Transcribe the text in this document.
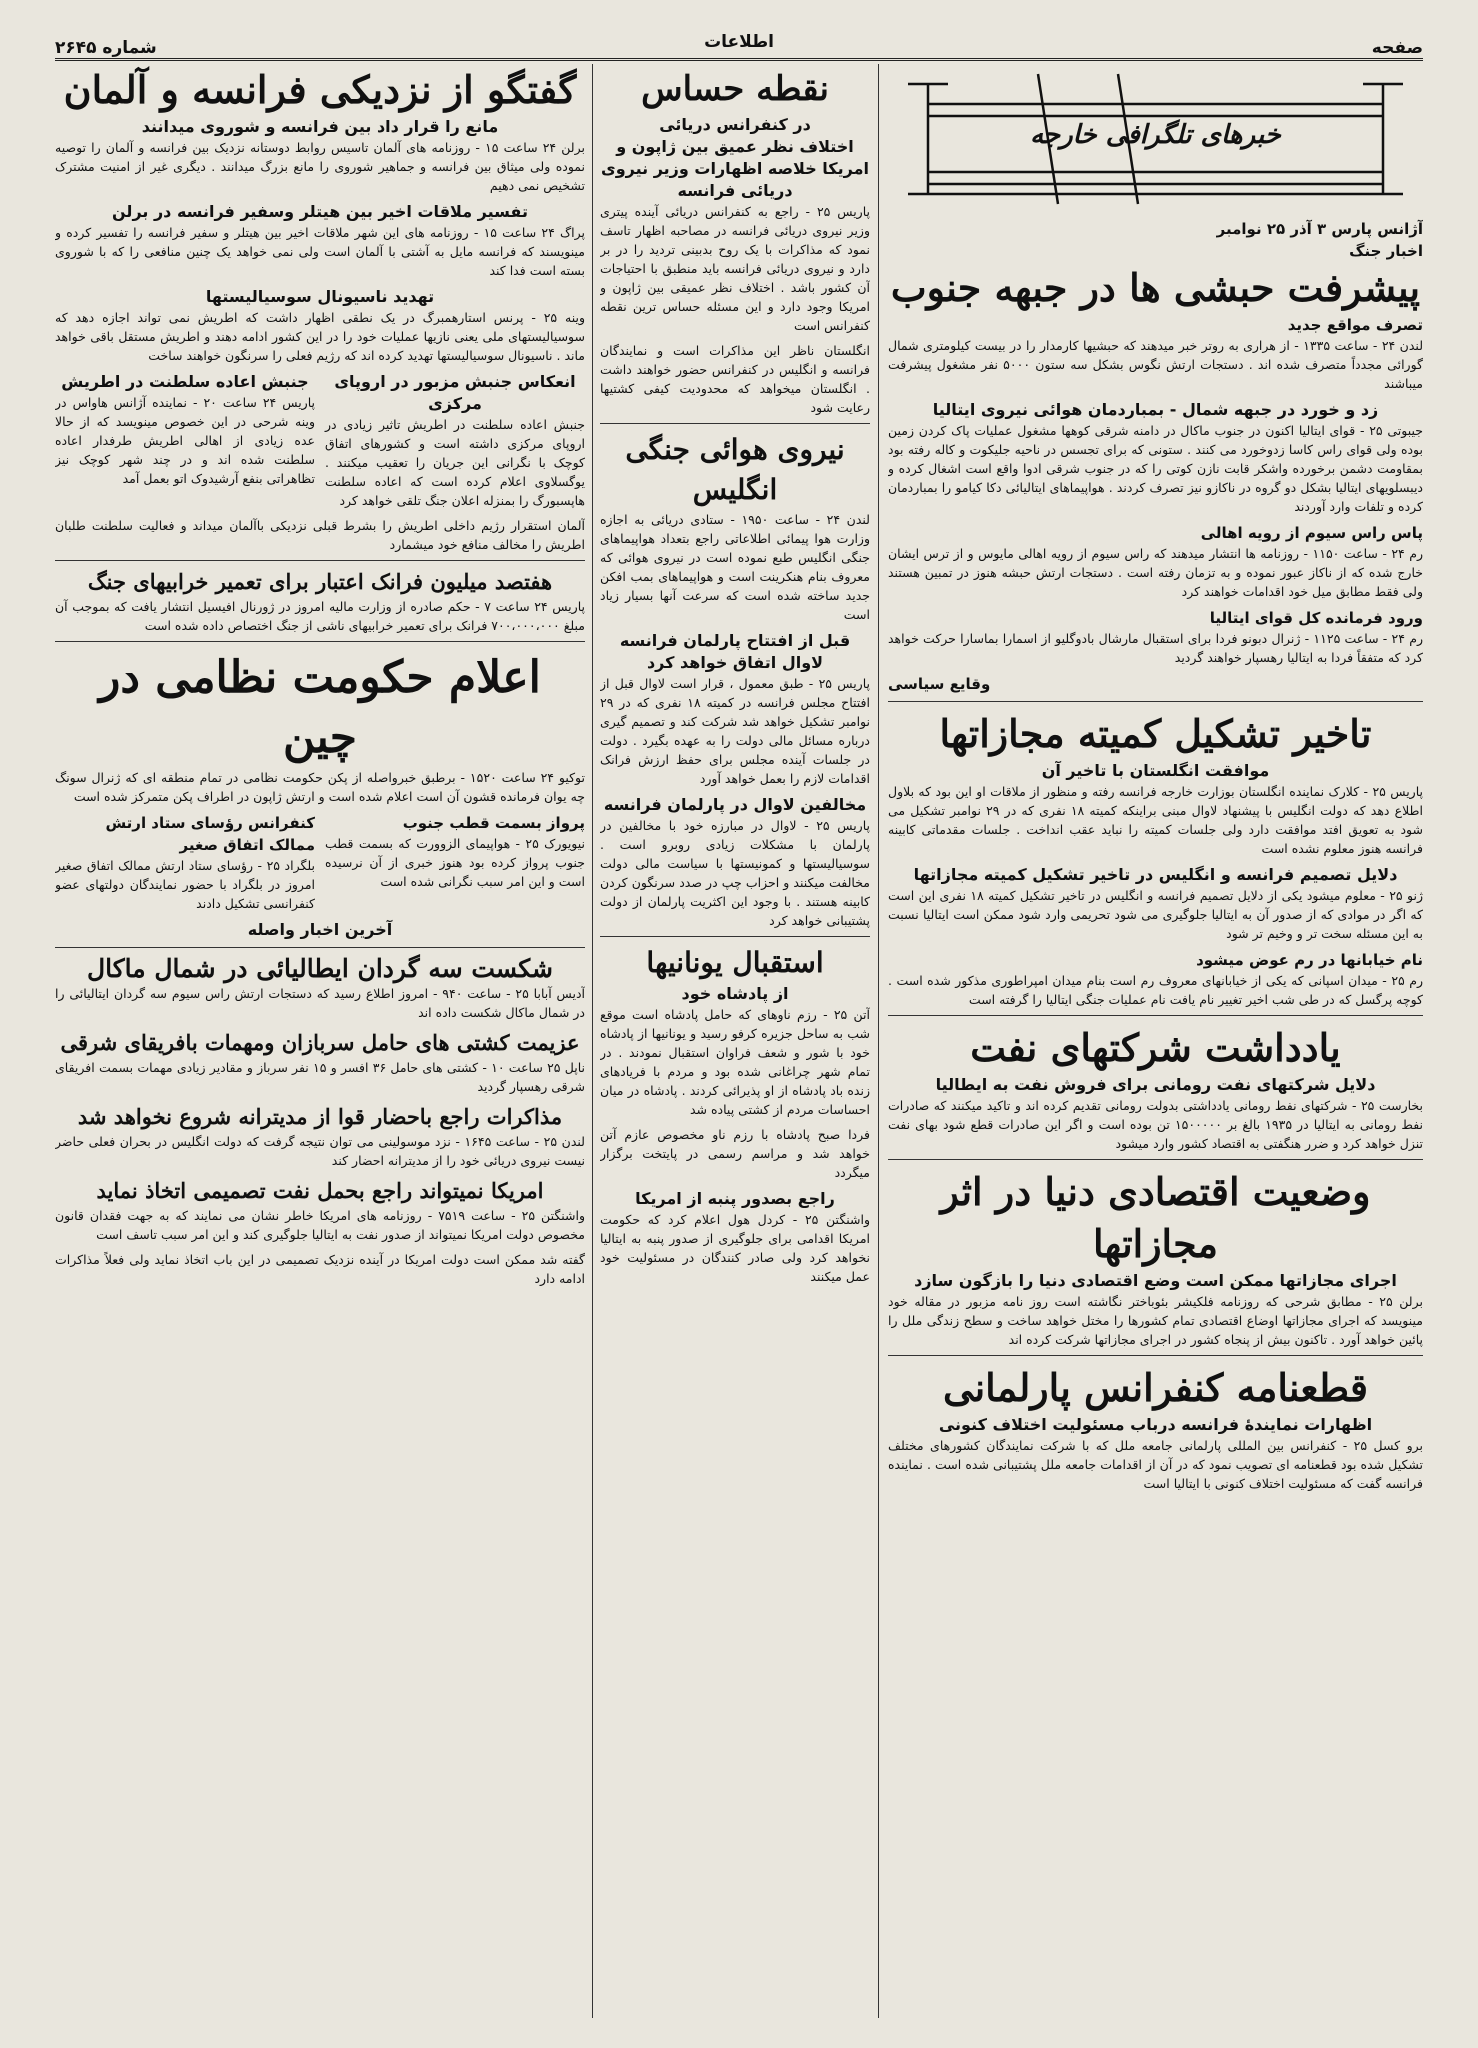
صفحه
اطلاعات
شماره ۲۶۴۵
خبرهای تلگرافی خارجه
آژانس پارس ۳ آذر ۲۵ نوامبر
اخبار جنگ
پیشرفت حبشی ها در جبهه جنوب
تصرف مواقع جدید

لندن ۲۴ - ساعت ۱۳۳۵ - از هراری به روتر خبر میدهند که حبشیها کارمدار را در بیست کیلومتری شمال گورائی مجدداً متصرف شده اند . دستجات ارتش نگوس بشکل سه ستون ۵۰۰۰ نفر مشغول پیشرفت میباشند

زد و خورد در جبهه شمال - بمباردمان هوائی نیروی ایتالیا

جیبوتی ۲۵ - قوای ایتالیا اکنون در جنوب ماکال در دامنه شرقی کوهها مشغول عملیات پاک کردن زمین بوده ولی قوای راس کاسا زدوخورد می کنند . ستونی که برای تجسس در ناحیه جلیکوت و کاله رفته بود بمقاومت دشمن برخورده واشکر قابت نازن کوتی را که در جنوب شرقی ادوا واقع است اشغال کرده و دیبسلویهای ایتالیا بشکل دو گروه در ناکازو نیز تصرف کردند . هواپیماهای ایتالیائی دکا کیامو را بمباردمان کرده و تلفات وارد آوردند

پاس راس سیوم از رویه اهالی

رم ۲۴ - ساعت ۱۱۵۰ - روزنامه ها انتشار میدهند که راس سیوم از رویه اهالی مایوس و از ترس ایشان خارج شده که از ناکاز عبور نموده و به تزمان رفته است . دستجات ارتش حبشه هنوز در تمبین هستند ولی فقط مطابق میل خود اقدامات خواهند کرد

ورود فرمانده کل قوای ایتالیا

رم ۲۴ - ساعت ۱۱۲۵ - ژنرال دبونو فردا برای استقبال مارشال بادوگلیو از اسمارا بماسارا حرکت خواهد کرد که متفقاً فردا به ایتالیا رهسپار خواهند گردید

وقایع سیاسی
تاخیر تشکیل کمیته مجازاتها
موافقت انگلستان با تاخیر آن

پاریس ۲۵ - کلارک نماینده انگلستان بوزارت خارجه فرانسه رفته و منظور از ملاقات او این بود که بلاول اطلاع دهد که دولت انگلیس با پیشنهاد لاوال مبنی براینکه کمیته ۱۸ نفری که در ۲۹ نوامبر تشکیل می شود به تعویق افتد موافقت دارد ولی جلسات کمیته را نباید عقب انداخت . جلسات مقدماتی کابینه فرانسه هنوز معلوم نشده است

دلایل تصمیم فرانسه و انگلیس در تاخیر تشکیل کمیته مجازاتها

ژنو ۲۵ - معلوم میشود یکی از دلایل تصمیم فرانسه و انگلیس در تاخیر تشکیل کمیته ۱۸ نفری این است که اگر در موادی که از صدور آن به ایتالیا جلوگیری می شود تحریمی وارد شود ممکن است ایتالیا نسبت به این مسئله سخت تر و وخیم تر شود

نام خیابانها در رم عوض میشود

رم ۲۵ - میدان اسپانی که یکی از خیابانهای معروف رم است بنام میدان امپراطوری مذکور شده است . کوچه پرگسل که در طی شب اخیر تغییر نام یافت نام عملیات جنگی ایتالیا را گرفته است

یادداشت شرکتهای نفت
دلایل شرکتهای نفت رومانی برای فروش نفت به ایطالیا

بخارست ۲۵ - شرکتهای نفط رومانی یادداشتی بدولت رومانی تقدیم کرده اند و تاکید میکنند که صادرات نفط رومانی به ایتالیا در ۱۹۳۵ بالغ بر ۱۵۰۰۰۰۰ تن بوده است و اگر این صادرات قطع شود بهای نفت تنزل خواهد کرد و ضرر هنگفتی به اقتصاد کشور وارد میشود

وضعیت اقتصادی دنیا در اثر مجازاتها
اجرای مجازاتها ممکن است وضع اقتصادی دنیا را بازگون سازد

برلن ۲۵ - مطابق شرحی که روزنامه فلکیشر بئوباختر نگاشته است روز نامه مزبور در مقاله خود مینویسد که اجرای مجازاتها اوضاع اقتصادی تمام کشورها را مختل خواهد ساخت و سطح زندگی ملل را پائین خواهد آورد . تاکنون بیش از پنجاه کشور در اجرای مجازاتها شرکت کرده اند

قطعنامه کنفرانس پارلمانی
اظهارات نمایندهٔ فرانسه درباب مسئولیت اختلاف کنونی

برو کسل ۲۵ - کنفرانس بین المللی پارلمانی جامعه ملل که با شرکت نمایندگان کشورهای مختلف تشکیل شده بود قطعنامه ای تصویب نمود که در آن از اقدامات جامعه ملل پشتیبانی شده است . نماینده فرانسه گفت که مسئولیت اختلاف کنونی با ایتالیا است

نقطه حساس
در کنفرانس دریائی
اختلاف نظر عمیق بین ژاپون و امریکا خلاصه اظهارات وزیر نیروی دریائی فرانسه

پاریس ۲۵ - راجع به کنفرانس دریائی آینده پیتری وزیر نیروی دریائی فرانسه در مصاحبه اظهار تاسف نمود که مذاکرات با یک روح بدبینی تردید را در بر دارد و نیروی دریائی فرانسه باید منطبق با احتیاجات آن کشور باشد . اختلاف نظر عمیقی بین ژاپون و امریکا وجود دارد و این مسئله حساس ترین نقطه کنفرانس است

انگلستان ناظر این مذاکرات است و نمایندگان فرانسه و انگلیس در کنفرانس حضور خواهند داشت . انگلستان میخواهد که محدودیت کیفی کشتیها رعایت شود

نیروی هوائی جنگی انگلیس

لندن ۲۴ - ساعت ۱۹۵۰ - ستادی دریائی به اجازه وزارت هوا پیمائی اطلاعاتی راجع بتعداد هواپیماهای جنگی انگلیس طبع نموده است در نیروی هوائی که معروف بنام هنکرینت است و هواپیماهای بمب افکن جدید ساخته شده است که سرعت آنها بسیار زیاد است

قبل از افتتاح پارلمان فرانسه لاوال اتفاق خواهد کرد

پاریس ۲۵ - طبق معمول ، قرار است لاوال قبل از افتتاح مجلس فرانسه در کمیته ۱۸ نفری که در ۲۹ نوامبر تشکیل خواهد شد شرکت کند و تصمیم گیری درباره مسائل مالی دولت را به عهده بگیرد . دولت در جلسات آینده مجلس برای حفظ ارزش فرانک اقدامات لازم را بعمل خواهد آورد

مخالفین لاوال در پارلمان فرانسه

پاریس ۲۵ - لاوال در مبارزه خود با مخالفین در پارلمان با مشکلات زیادی روبرو است . سوسیالیستها و کمونیستها با سیاست مالی دولت مخالفت میکنند و احزاب چپ در صدد سرنگون کردن کابینه هستند . با وجود این اکثریت پارلمان از دولت پشتیبانی خواهد کرد

استقبال یونانیها
از پادشاه خود

آتن ۲۵ - رزم ناوهای که حامل پادشاه است موقع شب به ساحل جزیره کرفو رسید و یونانیها از پادشاه خود با شور و شعف فراوان استقبال نمودند . در تمام شهر چراغانی شده بود و مردم با فریادهای زنده باد پادشاه از او پذیرائی کردند . پادشاه در میان احساسات مردم از کشتی پیاده شد

فردا صبح پادشاه با رزم ناو مخصوص عازم آتن خواهد شد و مراسم رسمی در پایتخت برگزار میگردد

راجع بصدور پنبه از امریکا

واشنگتن ۲۵ - کردل هول اعلام کرد که حکومت امریکا اقدامی برای جلوگیری از صدور پنبه به ایتالیا نخواهد کرد ولی صادر کنندگان در مسئولیت خود عمل میکنند

گفتگو از نزدیکی فرانسه و آلمان
مانع را قرار داد بین فرانسه و شوروی میدانند

برلن ۲۴ ساعت ۱۵ - روزنامه های آلمان تاسیس روابط دوستانه نزدیک بین فرانسه و آلمان را توصیه نموده ولی میثاق بین فرانسه و جماهیر شوروی را مانع بزرگ میدانند . دیگری غیر از امنیت مشترک تشخیص نمی دهیم

تفسیر ملاقات اخیر بین هیتلر وسفیر فرانسه در برلن

پراگ ۲۴ ساعت ۱۵ - روزنامه های این شهر ملاقات اخیر بین هیتلر و سفیر فرانسه را تفسیر کرده و مینویسند که فرانسه مایل به آشتی با آلمان است ولی نمی خواهد یک چنین منافعی را که با شوروی بسته است فدا کند

تهدید ناسیونال سوسیالیستها

وینه ۲۵ - پرنس استارهمبرگ در یک نطقی اظهار داشت که اطریش نمی تواند اجازه دهد که سوسیالیستهای ملی یعنی نازیها عملیات خود را در این کشور ادامه دهند و اطریش مستقل باقی خواهد ماند . ناسیونال سوسیالیستها تهدید کرده اند که رژیم فعلی را سرنگون خواهند ساخت

انعکاس جنبش مزبور در اروپای مرکزی

جنبش اعاده سلطنت در اطریش تاثیر زیادی در اروپای مرکزی داشته است و کشورهای اتفاق کوچک با نگرانی این جریان را تعقیب میکنند . یوگسلاوی اعلام کرده است که اعاده سلطنت هاپسبورگ را بمنزله اعلان جنگ تلقی خواهد کرد

جنبش اعاده سلطنت در اطریش

پاریس ۲۴ ساعت ۲۰ - نماینده آژانس هاواس در وینه شرحی در این خصوص مینویسد که از حالا عده زیادی از اهالی اطریش طرفدار اعاده سلطنت شده اند و در چند شهر کوچک نیز تظاهراتی بنفع آرشیدوک اتو بعمل آمد

آلمان استقرار رژیم داخلی اطریش را بشرط قبلی نزدیکی باآلمان میداند و فعالیت سلطنت طلبان اطریش را مخالف منافع خود میشمارد

هفتصد میلیون فرانک اعتبار برای تعمیر خرابیهای جنگ

پاریس ۲۴ ساعت ۷ - حکم صادره از وزارت مالیه امروز در ژورنال افیسیل انتشار یافت که بموجب آن مبلغ ۷۰۰،۰۰۰،۰۰۰ فرانک برای تعمیر خرابیهای ناشی از جنگ اختصاص داده شده است

اعلام حکومت نظامی در چین

توکیو ۲۴ ساعت ۱۵۲۰ - برطبق خبرواصله از پکن حکومت نظامی در تمام منطقه ای که ژنرال سونگ چه یوان فرمانده قشون آن است اعلام شده است و ارتش ژاپون در اطراف پکن متمرکز شده است

پرواز بسمت قطب جنوب

نیویورک ۲۵ - هواپیمای الزوورت که بسمت قطب جنوب پرواز کرده بود هنوز خبری از آن نرسیده است و این امر سبب نگرانی شده است

کنفرانس رؤسای ستاد ارتش ممالک اتفاق صغیر

بلگراد ۲۵ - رؤسای ستاد ارتش ممالک اتفاق صغیر امروز در بلگراد با حضور نمایندگان دولتهای عضو کنفرانسی تشکیل دادند

آخرین اخبار واصله
شکست سه گردان ایطالیائی در شمال ماکال

آدیس آبابا ۲۵ - ساعت ۹۴۰ - امروز اطلاع رسید که دستجات ارتش راس سیوم سه گردان ایتالیائی را در شمال ماکال شکست داده اند

عزیمت کشتی های حامل سربازان ومهمات بافریقای شرقی

ناپل ۲۵ ساعت ۱۰ - کشتی های حامل ۳۶ افسر و ۱۵ نفر سرباز و مقادیر زیادی مهمات بسمت افریقای شرقی رهسپار گردید

مذاکرات راجع باحضار قوا از مدیترانه شروع نخواهد شد

لندن ۲۵ - ساعت ۱۶۴۵ - نزد موسولینی می توان نتیجه گرفت که دولت انگلیس در بحران فعلی حاضر نیست نیروی دریائی خود را از مدیترانه احضار کند

امریکا نمیتواند راجع بحمل نفت تصمیمی اتخاذ نماید

واشنگتن ۲۵ - ساعت ۷۵۱۹ - روزنامه های امریکا خاطر نشان می نمایند که به جهت فقدان قانون مخصوص دولت امریکا نمیتواند از صدور نفت به ایتالیا جلوگیری کند و این امر سبب تاسف است

گفته شد ممکن است دولت امریکا در آینده نزدیک تصمیمی در این باب اتخاذ نماید ولی فعلاً مذاکرات ادامه دارد
